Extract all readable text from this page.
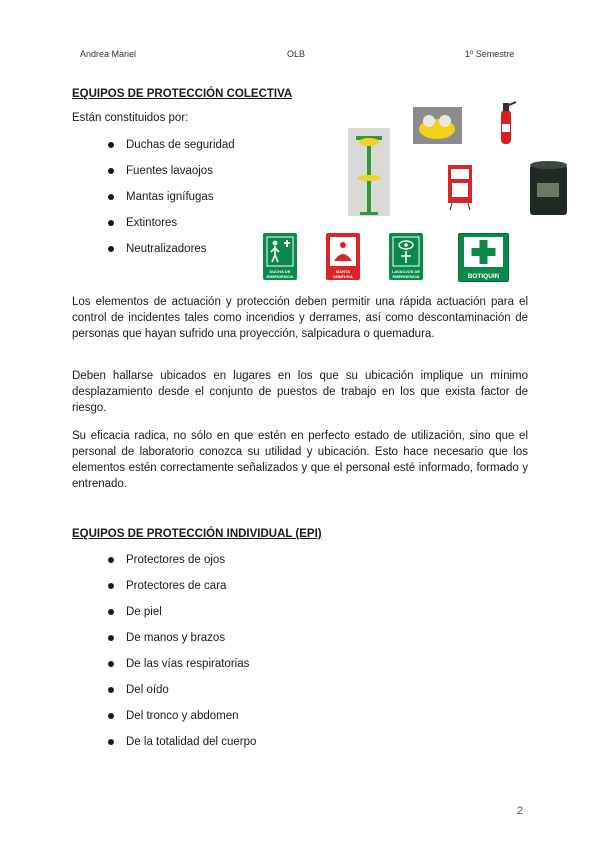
Andrea Mariel	OLB	1º Semestre
EQUIPOS DE PROTECCIÓN COLECTIVA
Están constituidos por:
Duchas de seguridad
Fuentes lavaojos
Mantas ignífugas
Extintores
Neutralizadores
DUCHA DE EMERGENCIA
MANTA IGNIFUGA
LAVAOJOS DE EMERGENCIA	BOTIQUIN

Los elementos de actuación y protección deben permitir una rápida actuación para el control de incidentes tales como incendios y derrames, así como descontaminación de personas que hayan sufrido una proyección, salpicadura o quemadura.

Deben hallarse ubicados en lugares en los que su ubicación implique un mínimo desplazamiento desde el conjunto de puestos de trabajo en los que exista factor de riesgo.

Su eficacia radica, no sólo en que estén en perfecto estado de utilización, sino que el personal de laboratorio conozca su utilidad y ubicación. Esto hace necesario que los elementos estén correctamente señalizados y que el personal esté informado, formado y entrenado.

EQUIPOS DE PROTECCIÓN INDIVIDUAL (EPI)
Protectores de ojos
Protectores de cara
De piel
De manos y brazos
De las vías respiratorias
Del oído
Del tronco y abdomen
De la totalidad del cuerpo
2
